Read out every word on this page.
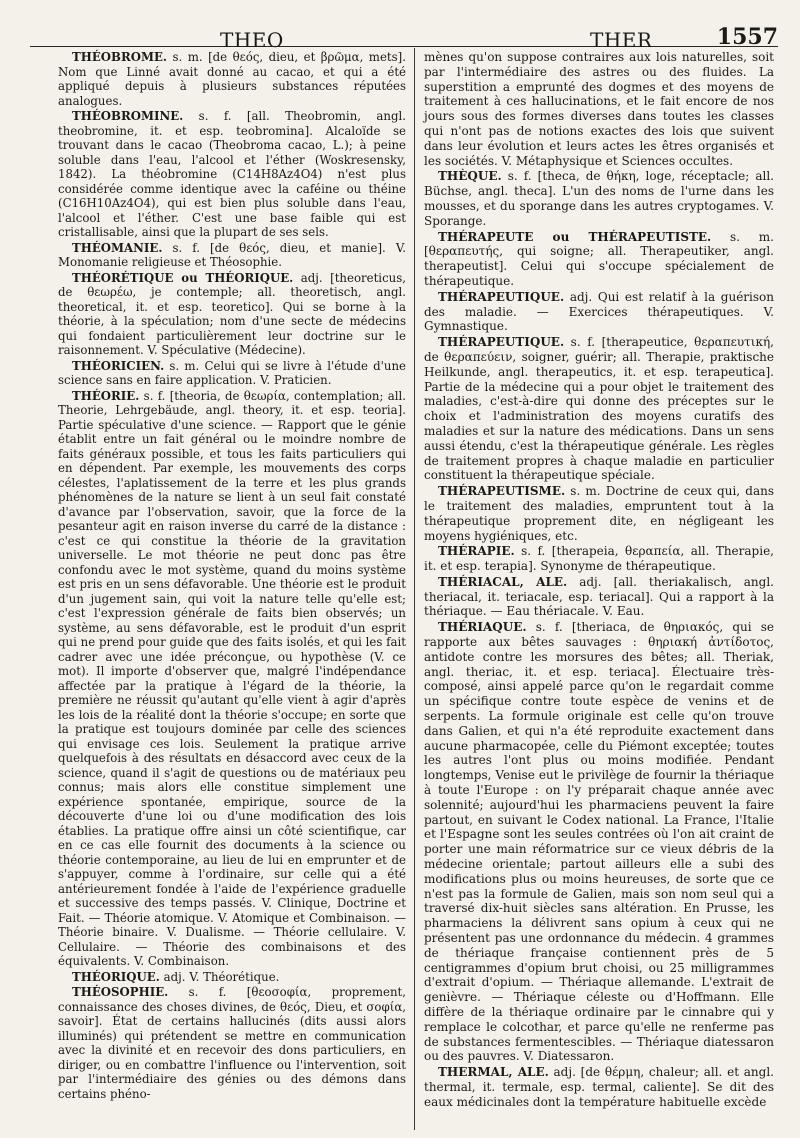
THEO	THER	1557

THÉOBROME. s. m. [de θεός, dieu, et βρῶμα, mets]. Nom que Linné avait donné au cacao, et qui a été appliqué depuis à plusieurs substances réputées analogues.

THÉOBROMINE. s. f. [all. Theobromin, angl. theobromine, it. et esp. teobromina]. Alcaloïde se trouvant dans le cacao (Theobroma cacao, L.); à peine soluble dans l'eau, l'alcool et l'éther (Woskresensky, 1842). La théobromine (C14H8Az4O4) n'est plus considérée comme identique avec la caféine ou théine (C16H10Az4O4), qui est bien plus soluble dans l'eau, l'alcool et l'éther. C'est une base faible qui est cristallisable, ainsi que la plupart de ses sels.

THÉOMANIE. s. f. [de θεός, dieu, et manie]. V. Monomanie religieuse et Théosophie.

THÉORÉTIQUE ou THÉORIQUE. adj. [theoreticus, de θεωρέω, je contemple; all. theoretisch, angl. theoretical, it. et esp. teoretico]. Qui se borne à la théorie, à la spéculation; nom d'une secte de médecins qui fondaient particulièrement leur doctrine sur le raisonnement. V. Spéculative (Médecine).

THÉORICIEN. s. m. Celui qui se livre à l'étude d'une science sans en faire application. V. Praticien.

THÉORIE. s. f. [theoria, de θεωρία, contemplation; all. Theorie, Lehrgebäude, angl. theory, it. et esp. teoria]. Partie spéculative d'une science. — Rapport que le génie établit entre un fait général ou le moindre nombre de faits généraux possible, et tous les faits particuliers qui en dépendent. Par exemple, les mouvements des corps célestes, l'aplatissement de la terre et les plus grands phénomènes de la nature se lient à un seul fait constaté d'avance par l'observation, savoir, que la force de la pesanteur agit en raison inverse du carré de la distance : c'est ce qui constitue la théorie de la gravitation universelle. Le mot théorie ne peut donc pas être confondu avec le mot système, quand du moins système est pris en un sens défavorable. Une théorie est le produit d'un jugement sain, qui voit la nature telle qu'elle est; c'est l'expression générale de faits bien observés; un système, au sens défavorable, est le produit d'un esprit qui ne prend pour guide que des faits isolés, et qui les fait cadrer avec une idée préconçue, ou hypothèse (V. ce mot). Il importe d'observer que, malgré l'indépendance affectée par la pratique à l'égard de la théorie, la première ne réussit qu'autant qu'elle vient à agir d'après les lois de la réalité dont la théorie s'occupe; en sorte que la pratique est toujours dominée par celle des sciences qui envisage ces lois. Seulement la pratique arrive quelquefois à des résultats en désaccord avec ceux de la science, quand il s'agit de questions ou de matériaux peu connus; mais alors elle constitue simplement une expérience spontanée, empirique, source de la découverte d'une loi ou d'une modification des lois établies. La pratique offre ainsi un côté scientifique, car en ce cas elle fournit des documents à la science ou théorie contemporaine, au lieu de lui en emprunter et de s'appuyer, comme à l'ordinaire, sur celle qui a été antérieurement fondée à l'aide de l'expérience graduelle et successive des temps passés. V. Clinique, Doctrine et Fait. — Théorie atomique. V. Atomique et Combinaison. — Théorie binaire. V. Dualisme. — Théorie cellulaire. V. Cellulaire. — Théorie des combinaisons et des équivalents. V. Combinaison.

THÉORIQUE. adj. V. Théorétique.

THÉOSOPHIE. s. f. [θεοσοφία, proprement, connaissance des choses divines, de θεός, Dieu, et σοφία, savoir]. État de certains hallucinés (dits aussi alors illuminés) qui prétendent se mettre en communication avec la divinité et en recevoir des dons particuliers, en diriger, ou en combattre l'influence ou l'intervention, soit par l'intermédiaire des génies ou des démons dans certains phéno-

mènes qu'on suppose contraires aux lois naturelles, soit par l'intermédiaire des astres ou des fluides. La superstition a emprunté des dogmes et des moyens de traitement à ces hallucinations, et le fait encore de nos jours sous des formes diverses dans toutes les classes qui n'ont pas de notions exactes des lois que suivent dans leur évolution et leurs actes les êtres organisés et les sociétés. V. Métaphysique et Sciences occultes.

THÈQUE. s. f. [theca, de θήκη, loge, réceptacle; all. Büchse, angl. theca]. L'un des noms de l'urne dans les mousses, et du sporange dans les autres cryptogames. V. Sporange.

THÉRAPEUTE ou THÉRAPEUTISTE. s. m. [θεραπευτής, qui soigne; all. Therapeutiker, angl. therapeutist]. Celui qui s'occupe spécialement de thérapeutique.

THÉRAPEUTIQUE. adj. Qui est relatif à la guérison des maladie. — Exercices thérapeutiques. V. Gymnastique.

THÉRAPEUTIQUE. s. f. [therapeutice, θεραπευτική, de θεραπεύειν, soigner, guérir; all. Therapie, praktische Heilkunde, angl. therapeutics, it. et esp. terapeutica]. Partie de la médecine qui a pour objet le traitement des maladies, c'est-à-dire qui donne des préceptes sur le choix et l'administration des moyens curatifs des maladies et sur la nature des médications. Dans un sens aussi étendu, c'est la thérapeutique générale. Les règles de traitement propres à chaque maladie en particulier constituent la thérapeutique spéciale.

THÉRAPEUTISME. s. m. Doctrine de ceux qui, dans le traitement des maladies, empruntent tout à la thérapeutique proprement dite, en négligeant les moyens hygiéniques, etc.

THÉRAPIE. s. f. [therapeia, θεραπεία, all. Therapie, it. et esp. terapia]. Synonyme de thérapeutique.

THÉRIACAL, ALE. adj. [all. theriakalisch, angl. theriacal, it. teriacale, esp. teriacal]. Qui a rapport à la thériaque. — Eau thériacale. V. Eau.

THÉRIAQUE. s. f. [theriaca, de θηριακός, qui se rapporte aux bêtes sauvages : θηριακή ἀντίδοτος, antidote contre les morsures des bêtes; all. Theriak, angl. theriac, it. et esp. teriaca]. Électuaire très-composé, ainsi appelé parce qu'on le regardait comme un spécifique contre toute espèce de venins et de serpents. La formule originale est celle qu'on trouve dans Galien, et qui n'a été reproduite exactement dans aucune pharmacopée, celle du Piémont exceptée; toutes les autres l'ont plus ou moins modifiée. Pendant longtemps, Venise eut le privilège de fournir la thériaque à toute l'Europe : on l'y préparait chaque année avec solennité; aujourd'hui les pharmaciens peuvent la faire partout, en suivant le Codex national. La France, l'Italie et l'Espagne sont les seules contrées où l'on ait craint de porter une main réformatrice sur ce vieux débris de la médecine orientale; partout ailleurs elle a subi des modifications plus ou moins heureuses, de sorte que ce n'est pas la formule de Galien, mais son nom seul qui a traversé dix-huit siècles sans altération. En Prusse, les pharmaciens la délivrent sans opium à ceux qui ne présentent pas une ordonnance du médecin. 4 grammes de thériaque française contiennent près de 5 centigrammes d'opium brut choisi, ou 25 milligrammes d'extrait d'opium. — Thériaque allemande. L'extrait de genièvre. — Thériaque céleste ou d'Hoffmann. Elle diffère de la thériaque ordinaire par le cinnabre qui y remplace le colcothar, et parce qu'elle ne renferme pas de substances fermentescibles. — Thériaque diatessaron ou des pauvres. V. Diatessaron.

THERMAL, ALE. adj. [de θέρμη, chaleur; all. et angl. thermal, it. termale, esp. termal, caliente]. Se dit des eaux médicinales dont la température habituelle excède
